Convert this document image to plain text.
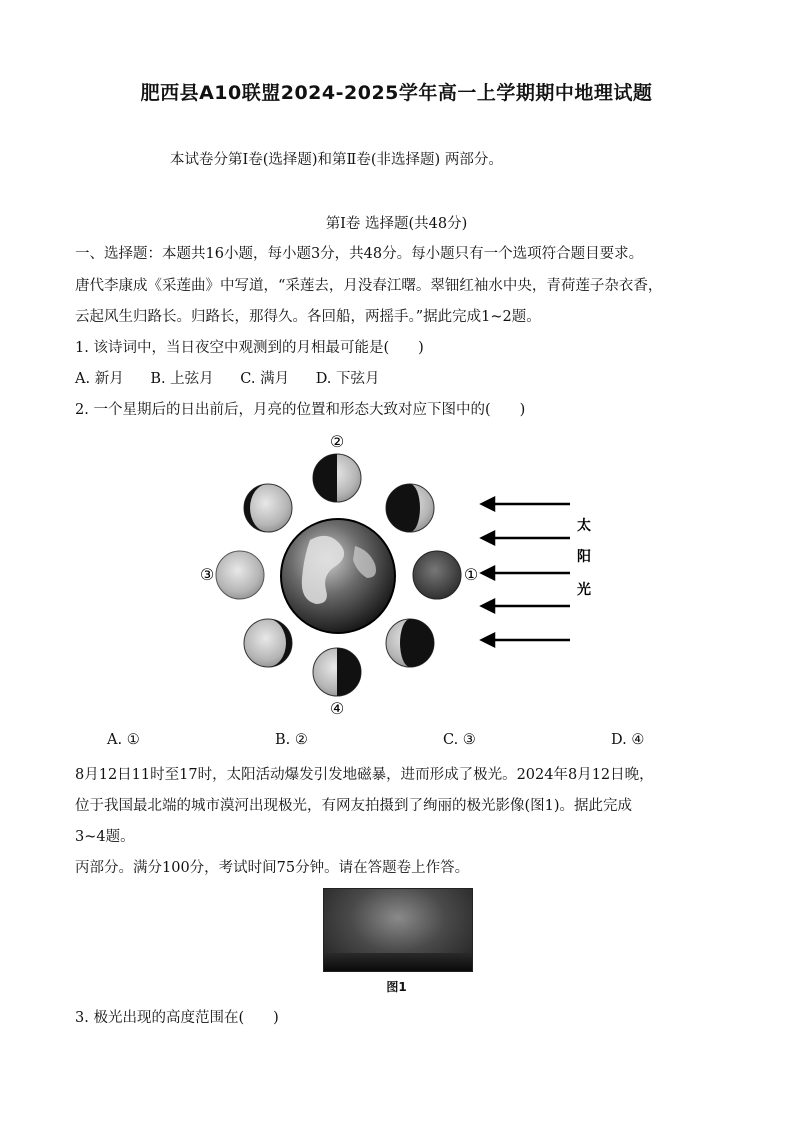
肥西县A10联盟2024-2025学年高一上学期期中地理试题
本试卷分第Ⅰ卷(选择题)和第Ⅱ卷(非选择题) 两部分。
第Ⅰ卷 选择题(共48分)
一、选择题：本题共16小题，每小题3分，共48分。每小题只有一个选项符合题目要求。
唐代李康成《采莲曲》中写道，“采莲去，月没春江曙。翠钿红袖水中央，青荷莲子杂衣香，
云起风生归路长。归路长，那得久。各回船，两摇手。”据此完成1~2题。
1. 该诗词中，当日夜空中观测到的月相最可能是(　　)
A. 新月 B. 上弦月 C. 满月 D. 下弦月
2. 一个星期后的日出前后，月亮的位置和形态大致对应下图中的(　　)
②
①
③
④
太
阳
光
A. ①	B. ②	C. ③	D. ④
8月12日11时至17时，太阳活动爆发引发地磁暴，进而形成了极光。2024年8月12日晚，
位于我国最北端的城市漠河出现极光，有网友拍摄到了绚丽的极光影像(图1)。据此完成
3~4题。
丙部分。满分100分，考试时间75分钟。请在答题卷上作答。
图1
3. 极光出现的高度范围在(　　)
